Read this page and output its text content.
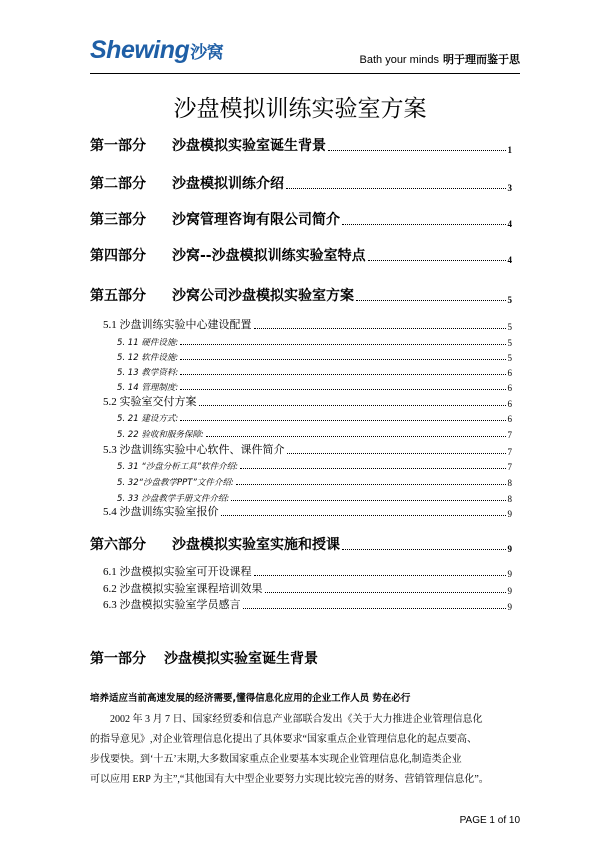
Shewing沙窝	Bath your minds 明于理而鉴于思
沙盘模拟训练实验室方案
第一部分	沙盘模拟实验室诞生背景	1
第二部分	沙盘模拟训练介绍	3
第三部分	沙窝管理咨询有限公司简介	4
第四部分	沙窝--沙盘模拟训练实验室特点	4
第五部分	沙窝公司沙盘模拟实验室方案	5
5.1 沙盘训练实验中心建设配置	5
5. 11 硬件设施:	5
5. 12 软件设施:	5
5. 13 教学资料:	6
5. 14 管理制度:	6
5.2 实验室交付方案	6
5. 21 建设方式:	6
5. 22 验收和服务保障:	7
5.3 沙盘训练实验中心软件、课件简介	7
5. 31 “沙盘分析工具”软件介绍:	7
5. 32“沙盘教学PPT”文件介绍:	8
5. 33 沙盘教学手册文件介绍:	8
5.4 沙盘训练实验室报价	9
第六部分	沙盘模拟实验室实施和授课	9
6.1 沙盘模拟实验室可开设课程	9
6.2 沙盘模拟实验室课程培训效果	9
6.3 沙盘模拟实验室学员感言	9
第一部分 沙盘模拟实验室诞生背景
培养适应当前高速发展的经济需要,懂得信息化应用的企业工作人员 势在必行
2002 年 3 月 7 日、国家经贸委和信息产业部联合发出《关于大力推进企业管理信息化
的指导意见》,对企业管理信息化提出了具体要求“国家重点企业管理信息化的起点要高、
步伐要快。到‘十五’末期,大多数国家重点企业要基本实现企业管理信息化,制造类企业
可以应用 ERP 为主”,“其他国有大中型企业要努力实现比较完善的财务、营销管理信息化”。
PAGE 1 of 10
